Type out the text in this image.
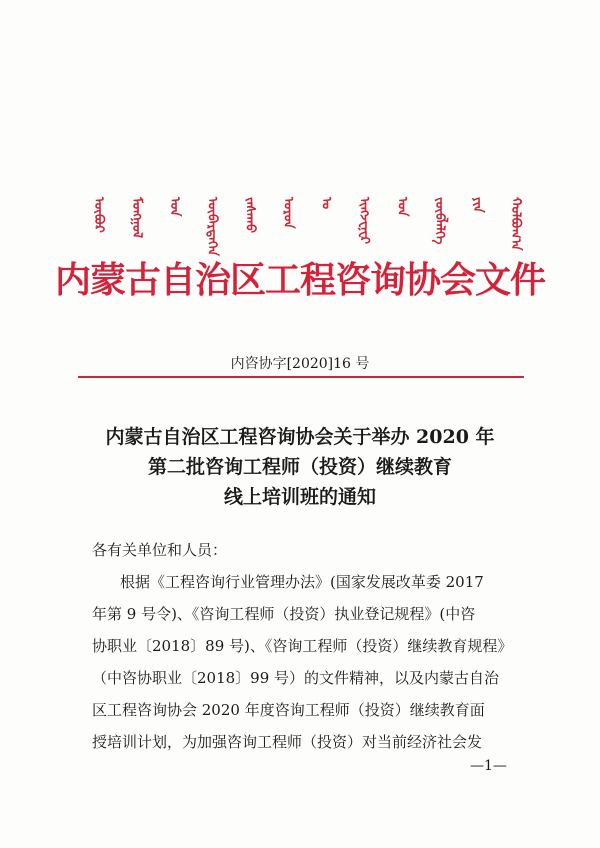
ᠦᠪᠦᠷ ᠮᠣᠩᠭᠣᠯ ᠤᠨ ᠥᠪᠡᠷᠲᠡᠭᠡᠨ ᠵᠠᠰᠠᠬᠤ ᠣᠷᠣᠨ ᠤ ᠢᠩᠵᠧᠨᠧᠷ ᠤᠨ ᠵᠥᠪᠯᠡᠯᠭᠡ ᠶᠢᠨ ᠬᠣᠯᠪᠣᠭ᠎ᠠ
内蒙古自治区工程咨询协会文件
内咨协字[2020]16 号
内蒙古自治区工程咨询协会关于举办 2020 年
第二批咨询工程师（投资）继续教育
线上培训班的通知
各有关单位和人员：
根据《工程咨询行业管理办法》(国家发展改革委 2017
年第 9 号令)、《咨询工程师（投资）执业登记规程》(中咨
协职业〔2018〕89 号)、《咨询工程师（投资）继续教育规程》
（中咨协职业〔2018〕99 号）的文件精神，以及内蒙古自治
区工程咨询协会 2020 年度咨询工程师（投资）继续教育面
授培训计划，为加强咨询工程师（投资）对当前经济社会发
—1—
